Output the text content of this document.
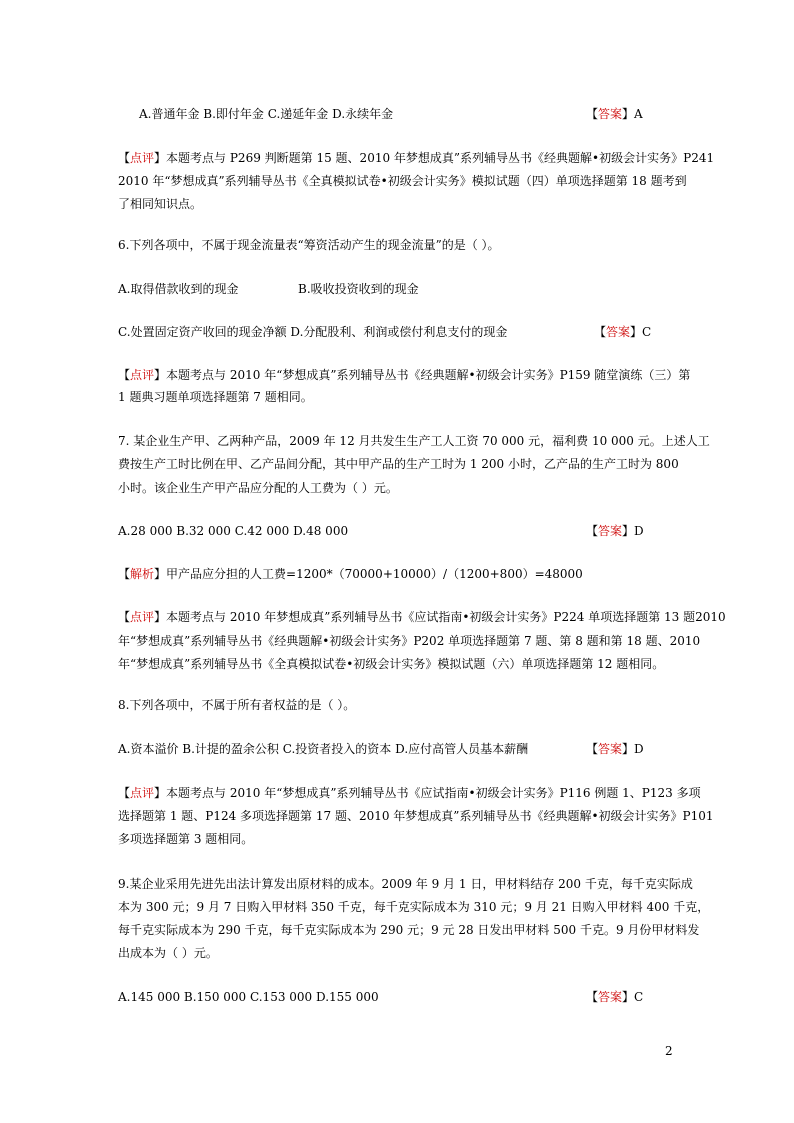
A.普通年金 B.即付年金 C.递延年金 D.永续年金	【答案】A
【点评】本题考点与 P269 判断题第 15 题、2010 年梦想成真”系列辅导丛书《经典题解•初级会计实务》P241
2010 年“梦想成真”系列辅导丛书《全真模拟试卷•初级会计实务》模拟试题（四）单项选择题第 18 题考到
了相同知识点。
6.下列各项中，不属于现金流量表“筹资活动产生的现金流量”的是（ ）。
A.取得借款收到的现金	B.吸收投资收到的现金
C.处置固定资产收回的现金净额 D.分配股利、利润或偿付利息支付的现金	【答案】C
【点评】本题考点与 2010 年“梦想成真”系列辅导丛书《经典题解•初级会计实务》P159 随堂演练（三）第
1 题典习题单项选择题第 7 题相同。
7. 某企业生产甲、乙两种产品，2009 年 12 月共发生生产工人工资 70 000 元，福利费 10 000 元。上述人工
费按生产工时比例在甲、乙产品间分配，其中甲产品的生产工时为 1 200 小时，乙产品的生产工时为 800
小时。该企业生产甲产品应分配的人工费为（ ）元。
A.28 000 B.32 000 C.42 000 D.48 000	【答案】D
【解析】甲产品应分担的人工费=1200*（70000+10000）/（1200+800）=48000
【点评】本题考点与 2010 年梦想成真”系列辅导丛书《应试指南•初级会计实务》P224 单项选择题第 13 题2010
年“梦想成真”系列辅导丛书《经典题解•初级会计实务》P202 单项选择题第 7 题、第 8 题和第 18 题、2010
年“梦想成真”系列辅导丛书《全真模拟试卷•初级会计实务》模拟试题（六）单项选择题第 12 题相同。
8.下列各项中，不属于所有者权益的是（ ）。
A.资本溢价 B.计提的盈余公积 C.投资者投入的资本 D.应付高管人员基本薪酬	【答案】D
【点评】本题考点与 2010 年“梦想成真”系列辅导丛书《应试指南•初级会计实务》P116 例题 1、P123 多项
选择题第 1 题、P124 多项选择题第 17 题、2010 年梦想成真”系列辅导丛书《经典题解•初级会计实务》P101
多项选择题第 3 题相同。
9.某企业采用先进先出法计算发出原材料的成本。2009 年 9 月 1 日，甲材料结存 200 千克，每千克实际成
本为 300 元；9 月 7 日购入甲材料 350 千克，每千克实际成本为 310 元；9 月 21 日购入甲材料 400 千克，
每千克实际成本为 290 千克，每千克实际成本为 290 元；9 元 28 日发出甲材料 500 千克。9 月份甲材料发
出成本为（ ）元。
A.145 000 B.150 000 C.153 000 D.155 000	【答案】C
2
